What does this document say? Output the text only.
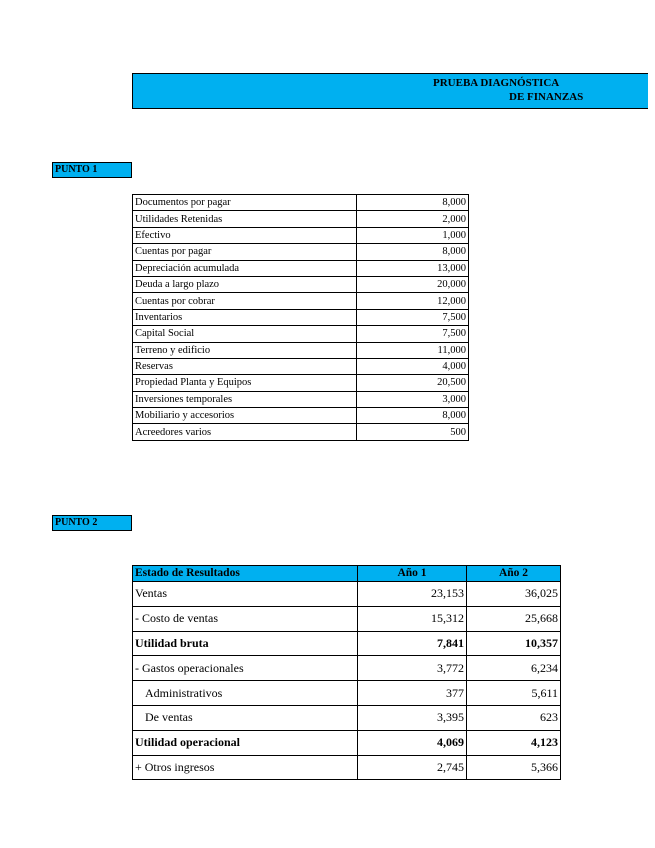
PRUEBA DIAGNÓSTICA
DE FINANZAS
PUNTO 1
Documentos por pagar	8,000
Utilidades Retenidas	2,000
Efectivo	1,000
Cuentas por pagar	8,000
Depreciación acumulada	13,000
Deuda a largo plazo	20,000
Cuentas por cobrar	12,000
Inventarios	7,500
Capital Social	7,500
Terreno y edificio	11,000
Reservas	4,000
Propiedad Planta y Equipos	20,500
Inversiones temporales	3,000
Mobiliario y accesorios	8,000
Acreedores varios	500
PUNTO 2
Estado de Resultados	Año 1	Año 2
Ventas	23,153	36,025
- Costo de ventas	15,312	25,668
Utilidad bruta	7,841	10,357
- Gastos operacionales	3,772	6,234
Administrativos	377	5,611
De ventas	3,395	623
Utilidad operacional	4,069	4,123
+ Otros ingresos	2,745	5,366
